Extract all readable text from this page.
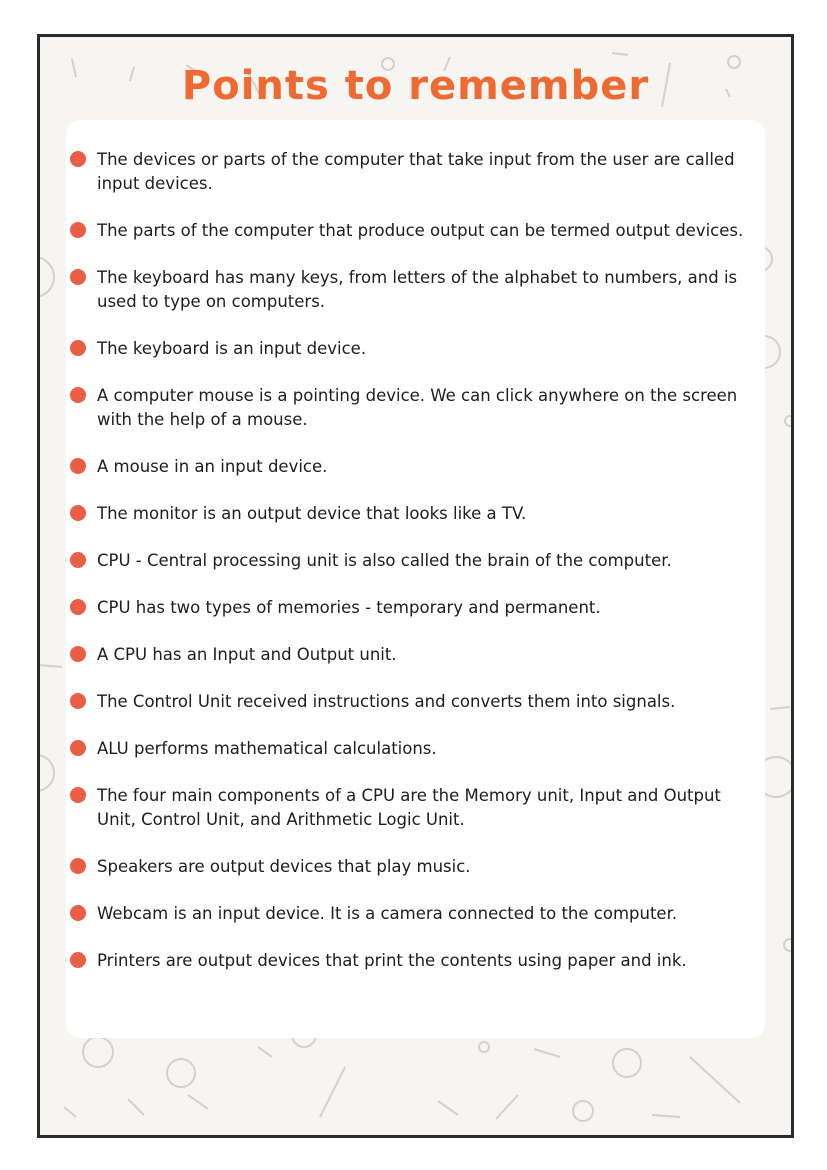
Points to remember
The devices or parts of the computer that take input from the user are called input devices.
The parts of the computer that produce output can be termed output devices.
The keyboard has many keys, from letters of the alphabet to numbers, and is used to type on computers.
The keyboard is an input device.
A computer mouse is a pointing device. We can click anywhere on the screen with the help of a mouse.
A mouse in an input device.
The monitor is an output device that looks like a TV.
CPU - Central processing unit is also called the brain of the computer.
CPU has two types of memories - temporary and permanent.
A CPU has an Input and Output unit.
The Control Unit received instructions and converts them into signals.
ALU performs mathematical calculations.
The four main components of a CPU are the Memory unit, Input and Output Unit, Control Unit, and Arithmetic Logic Unit.
Speakers are output devices that play music.
Webcam is an input device. It is a camera connected to the computer.
Printers are output devices that print the contents using paper and ink.
